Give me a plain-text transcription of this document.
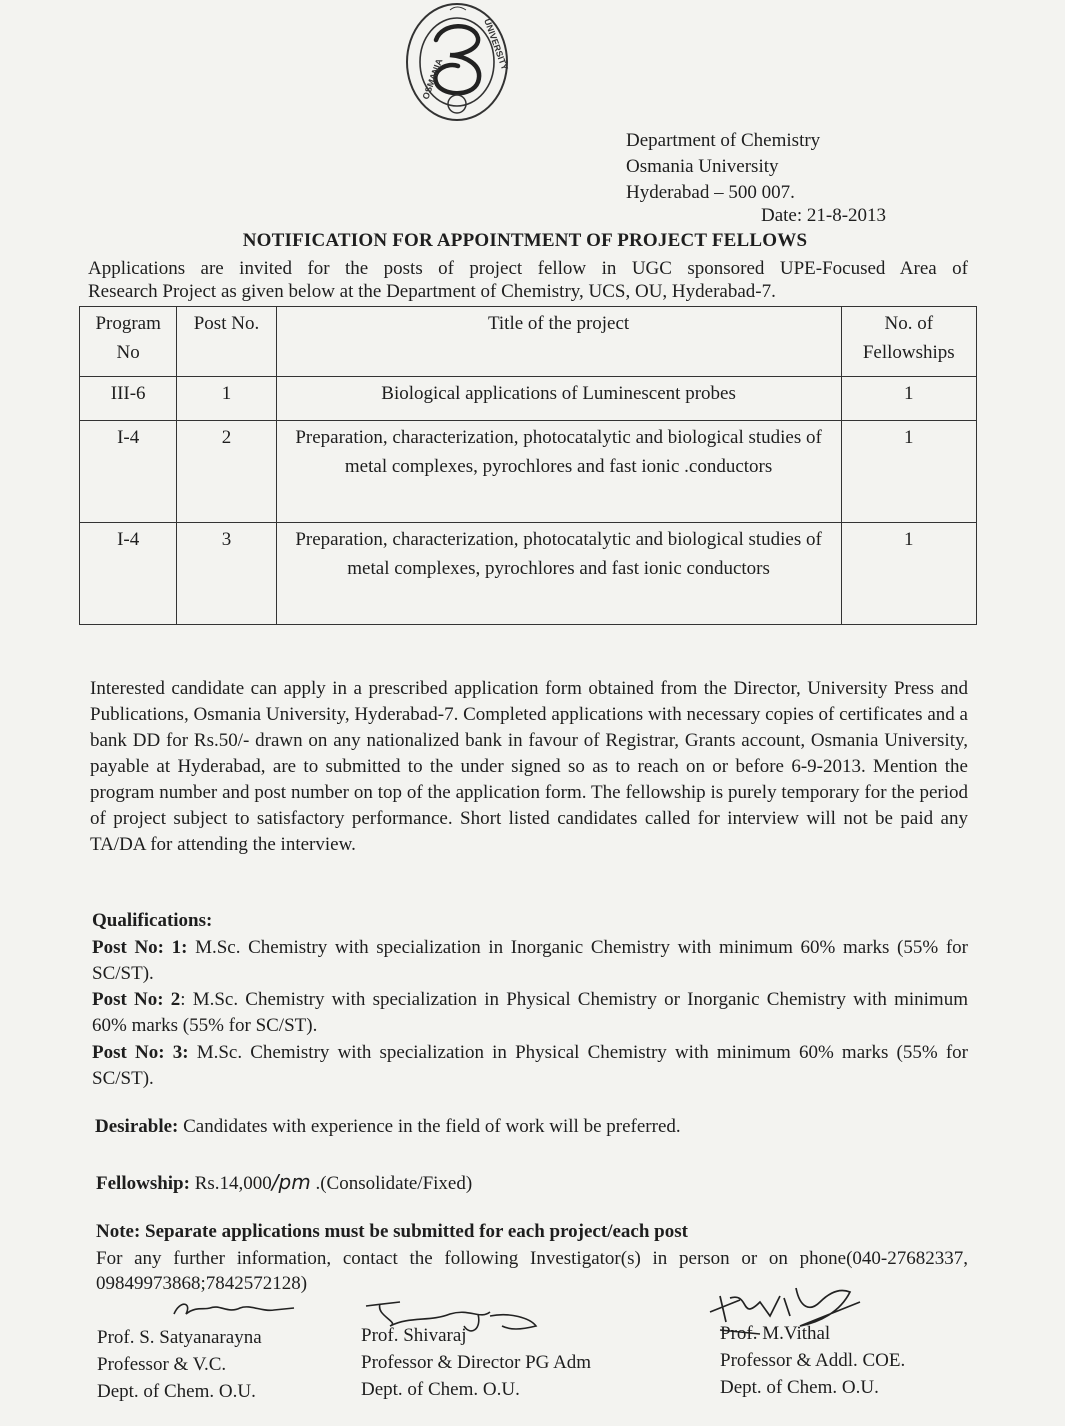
OSMANIA
UNIVERSITY
Department of Chemistry
Osmania University
Hyderabad – 500 007.
Date: 21-8-2013
NOTIFICATION FOR APPOINTMENT OF PROJECT FELLOWS
Applications are invited for the posts of project fellow in UGC sponsored UPE-Focused Area of
Research Project as given below at the Department of Chemistry, UCS, OU, Hyderabad-7.
Program No	Post No.	Title of the project	No. of Fellowships
III-6	1	Biological applications of Luminescent probes	1
I-4	2	Preparation, characterization, photocatalytic and biological studies of metal complexes, pyrochlores and fast ionic .conductors	1
I-4	3	Preparation, characterization, photocatalytic and biological studies of metal complexes, pyrochlores and fast ionic conductors	1
Interested candidate can apply in a prescribed application form obtained from the Director, University Press and Publications, Osmania University, Hyderabad-7. Completed applications with necessary copies of certificates and a bank DD for Rs.50/- drawn on any nationalized bank in favour of Registrar, Grants account, Osmania University, payable at Hyderabad, are to submitted to the under signed so as to reach on or before 6-9-2013. Mention the program number and post number on top of the application form. The fellowship is purely temporary for the period of project subject to satisfactory performance. Short listed candidates called for interview will not be paid any TA/DA for attending the interview.
Qualifications:
Post No: 1: M.Sc. Chemistry with specialization in Inorganic Chemistry with minimum 60% marks (55% for SC/ST).
Post No: 2: M.Sc. Chemistry with specialization in Physical Chemistry or Inorganic Chemistry with minimum 60% marks (55% for SC/ST).
Post No: 3: M.Sc. Chemistry with specialization in Physical Chemistry with minimum 60% marks (55% for SC/ST).
Desirable: Candidates with experience in the field of work will be preferred.
Fellowship: Rs.14,000/pm .(Consolidate/Fixed)
Note: Separate applications must be submitted for each project/each post
For any further information, contact the following Investigator(s) in person or on phone(040-27682337, 09849973868;7842572128)
Prof. S. Satyanarayna
Professor & V.C.
Dept. of Chem. O.U.
Prof. Shivaraj
Professor & Director PG Adm
Dept. of Chem. O.U.
Prof. M.Vithal
Professor & Addl. COE.
Dept. of Chem. O.U.
